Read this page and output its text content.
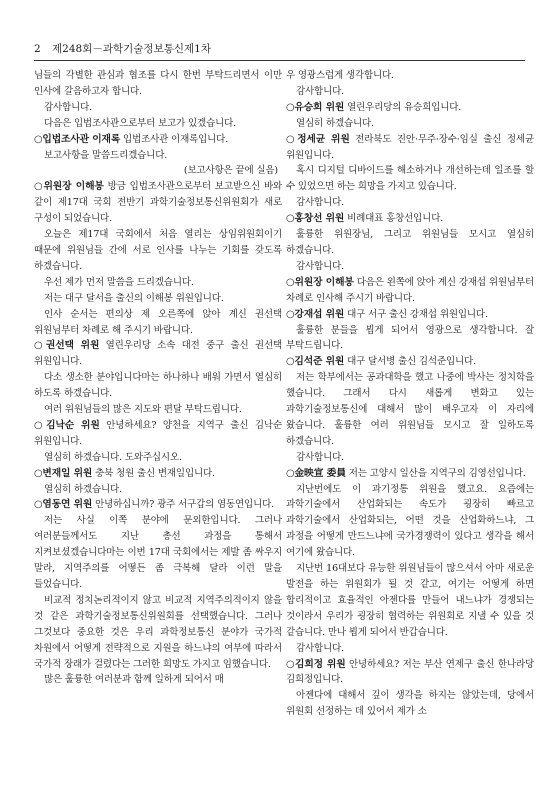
2 제248회－과학기술정보통신제1차

님들의 각별한 관심과 협조를 다시 한번 부탁드리면서 이만 인사에 갈음하고자 합니다.

감사합니다.

다음은 입법조사관으로부터 보고가 있겠습니다.

○입법조사관 이재록 입법조사관 이재록입니다.

보고사항을 말씀드리겠습니다.

(보고사항은 끝에 실음)

○위원장 이해봉 방금 입법조사관으로부터 보고받으신 바와 같이 제17대 국회 전반기 과학기술정보통신위원회가 새로 구성이 되었습니다.

오늘은 제17대 국회에서 처음 열리는 상임위원회이기 때문에 위원님들 간에 서로 인사를 나누는 기회를 갖도록 하겠습니다.

우선 제가 먼저 말씀을 드리겠습니다.

저는 대구 달서을 출신의 이해봉 위원입니다.

인사 순서는 편의상 제 오른쪽에 앉아 계신 권선택 위원님부터 차례로 해 주시기 바랍니다.

○권선택 위원 열린우리당 소속 대전 중구 출신 권선택 위원입니다.

다소 생소한 분야입니다마는 하나하나 배워 가면서 열심히 하도록 하겠습니다.

여러 위원님들의 많은 지도와 편달 부탁드립니다.

○김낙순 위원 안녕하세요? 양천을 지역구 출신 김낙순 위원입니다.

열심히 하겠습니다. 도와주십시오.

○변재일 위원 충북 청원 출신 변재일입니다.

열심히 하겠습니다.

○염동연 위원 안녕하십니까? 광주 서구갑의 염동연입니다.

저는 사실 이쪽 분야에 문외한입니다. 그러나 여러분들께서도 지난 총선 과정을 통해서 지켜보셨겠습니다마는 이번 17대 국회에서는 제발 좀 싸우지 말라, 지역주의를 어떻든 좀 극복해 달라 이런 말을 들었습니다.

비교적 정치논리적이지 않고 비교적 지역주의적이지 않을 것 같은 과학기술정보통신위원회를 선택했습니다. 그러나 그것보다 중요한 것은 우리 과학정보통신 분야가 국가적 차원에서 어떻게 전략적으로 지원을 하느냐의 여부에 따라서 국가적 장래가 걸렸다는 그러한 희망도 가지고 임했습니다.

많은 훌륭한 여러분과 함께 일하게 되어서 매

우 영광스럽게 생각합니다.

감사합니다.

○유승희 위원 열린우리당의 유승희입니다.

열심히 하겠습니다.

○정세균 위원 전라북도 진안·무주·장수·임실 출신 정세균 위원입니다.

혹시 디지털 디바이드를 해소하거나 개선하는데 일조를 할 수 있었으면 하는 희망을 가지고 있습니다.

감사합니다.

○홍창선 위원 비례대표 홍창선입니다.

훌륭한 위원장님, 그리고 위원님들 모시고 열심히 하겠습니다.

감사합니다.

○위원장 이해봉 다음은 왼쪽에 앉아 계신 강재섭 위원님부터 차례로 인사해 주시기 바랍니다.

○강재섭 위원 대구 서구 출신 강재섭 위원입니다.

훌륭한 분들을 뵙게 되어서 영광으로 생각합니다. 잘 부탁드립니다.

○김석준 위원 대구 달서병 출신 김석준입니다.

저는 학부에서는 공과대학을 했고 나중에 박사는 정치학을 했습니다. 그래서 다시 새롭게 변화고 있는 과학기술정보통신에 대해서 많이 배우고자 이 자리에 왔습니다. 훌륭한 여러 위원님들 모시고 잘 일하도록 하겠습니다.

감사합니다.

○金映宣 委員 저는 고양시 일산을 지역구의 김영선입니다.

지난번에도 이 과기정통 위원을 했고요. 요즘에는 과학기술에서 산업화되는 속도가 굉장히 빠르고 과학기술에서 산업화되는, 어떤 것을 산업화하느냐, 그 과정을 어떻게 만드느냐에 국가경쟁력이 있다고 생각을 해서 여기에 왔습니다.

지난번 16대보다 유능한 위원님들이 많으셔서 아마 새로운 발전을 하는 위원회가 될 것 같고, 여기는 어떻게 하면 합리적이고 효율적인 아젠다를 만들어 내느냐가 경쟁되는 것이라서 우리가 굉장히 협력하는 위원회로 지낼 수 있을 것 같습니다. 만나 뵙게 되어서 반갑습니다.

감사합니다.

○김희정 위원 안녕하세요? 저는 부산 연제구 출신 한나라당 김희정입니다.

아젠다에 대해서 깊이 생각을 하지는 않았는데, 당에서 위원회 선정하는 데 있어서 제가 소
